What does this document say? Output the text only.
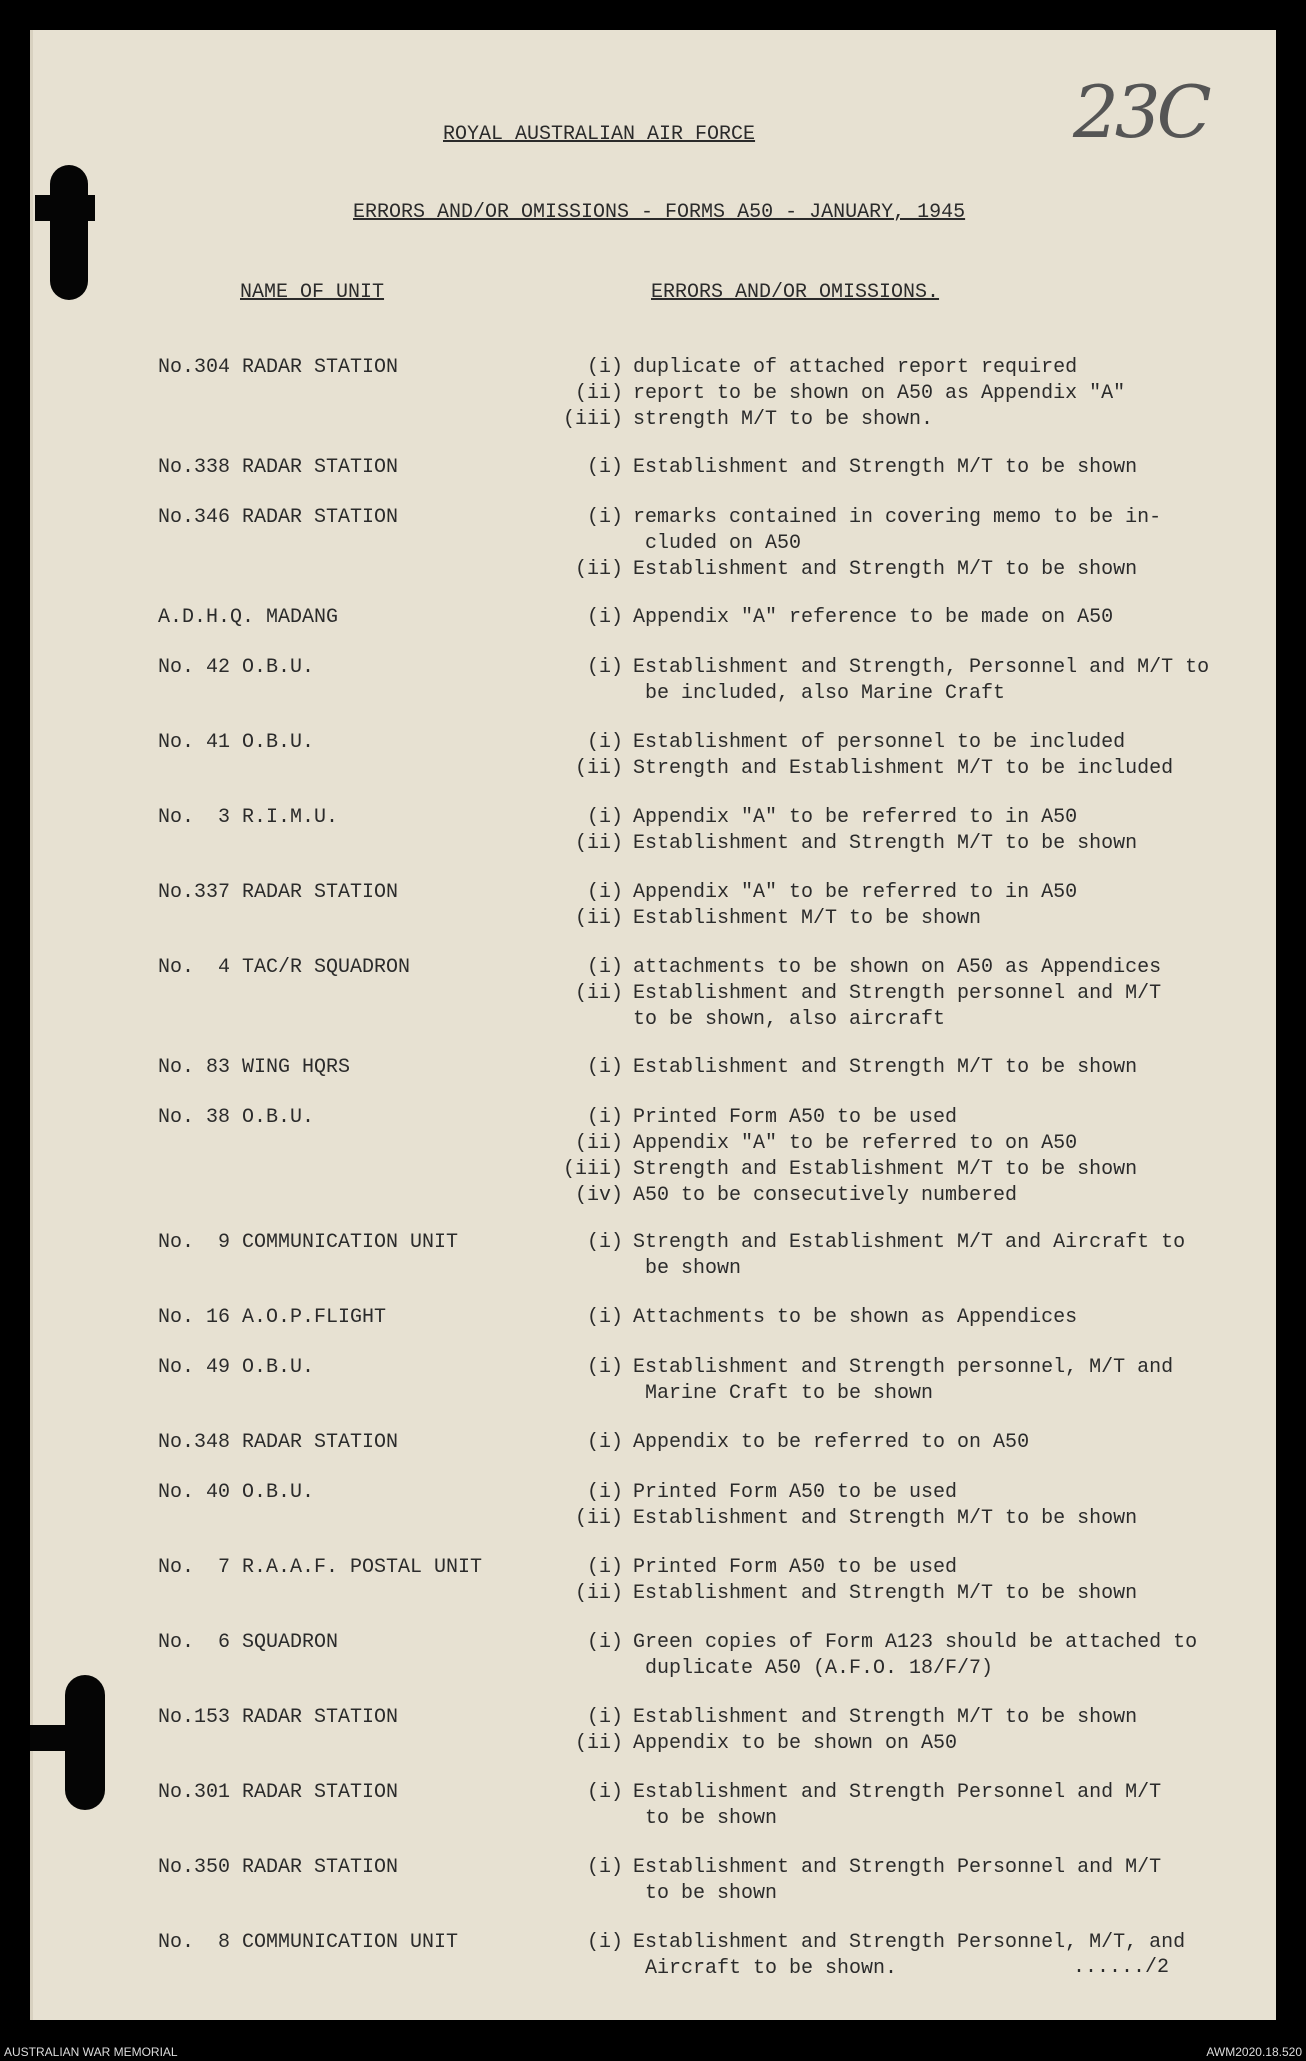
23C
ROYAL AUSTRALIAN AIR FORCE
ERRORS AND/OR OMISSIONS - FORMS A50 - JANUARY, 1945
NAME OF UNIT	ERRORS AND/OR OMISSIONS.
No.304 RADAR STATION	(i) duplicate of attached report required
(ii) report to be shown on A50 as Appendix "A"
(iii) strength M/T to be shown.
No.338 RADAR STATION	(i) Establishment and Strength M/T to be shown
No.346 RADAR STATION	(i) remarks contained in covering memo to be in-
cluded on A50
(ii) Establishment and Strength M/T to be shown
A.D.H.Q. MADANG	(i) Appendix "A" reference to be made on A50
No. 42 O.B.U.	(i) Establishment and Strength, Personnel and M/T to
be included, also Marine Craft
No. 41 O.B.U.	(i) Establishment of personnel to be included
(ii) Strength and Establishment M/T to be included
No.  3 R.I.M.U.	(i) Appendix "A" to be referred to in A50
(ii) Establishment and Strength M/T to be shown
No.337 RADAR STATION	(i) Appendix "A" to be referred to in A50
(ii) Establishment M/T to be shown
No.  4 TAC/R SQUADRON	(i) attachments to be shown on A50 as Appendices
(ii) Establishment and Strength personnel and M/T
to be shown, also aircraft
No. 83 WING HQRS	(i) Establishment and Strength M/T to be shown
No. 38 O.B.U.	(i) Printed Form A50 to be used
(ii) Appendix "A" to be referred to on A50
(iii) Strength and Establishment M/T to be shown
(iv) A50 to be consecutively numbered
No.  9 COMMUNICATION UNIT	(i) Strength and Establishment M/T and Aircraft to
be shown
No. 16 A.O.P.FLIGHT	(i) Attachments to be shown as Appendices
No. 49 O.B.U.	(i) Establishment and Strength personnel, M/T and
Marine Craft to be shown
No.348 RADAR STATION	(i) Appendix to be referred to on A50
No. 40 O.B.U.	(i) Printed Form A50 to be used
(ii) Establishment and Strength M/T to be shown
No.  7 R.A.A.F. POSTAL UNIT	(i) Printed Form A50 to be used
(ii) Establishment and Strength M/T to be shown
No.  6 SQUADRON	(i) Green copies of Form A123 should be attached to
duplicate A50 (A.F.O. 18/F/7)
No.153 RADAR STATION	(i) Establishment and Strength M/T to be shown
(ii) Appendix to be shown on A50
No.301 RADAR STATION	(i) Establishment and Strength Personnel and M/T
to be shown
No.350 RADAR STATION	(i) Establishment and Strength Personnel and M/T
to be shown
No.  8 COMMUNICATION UNIT	(i) Establishment and Strength Personnel, M/T, and
Aircraft to be shown.	....../2
AUSTRALIAN WAR MEMORIAL	AWM2020.18.520
